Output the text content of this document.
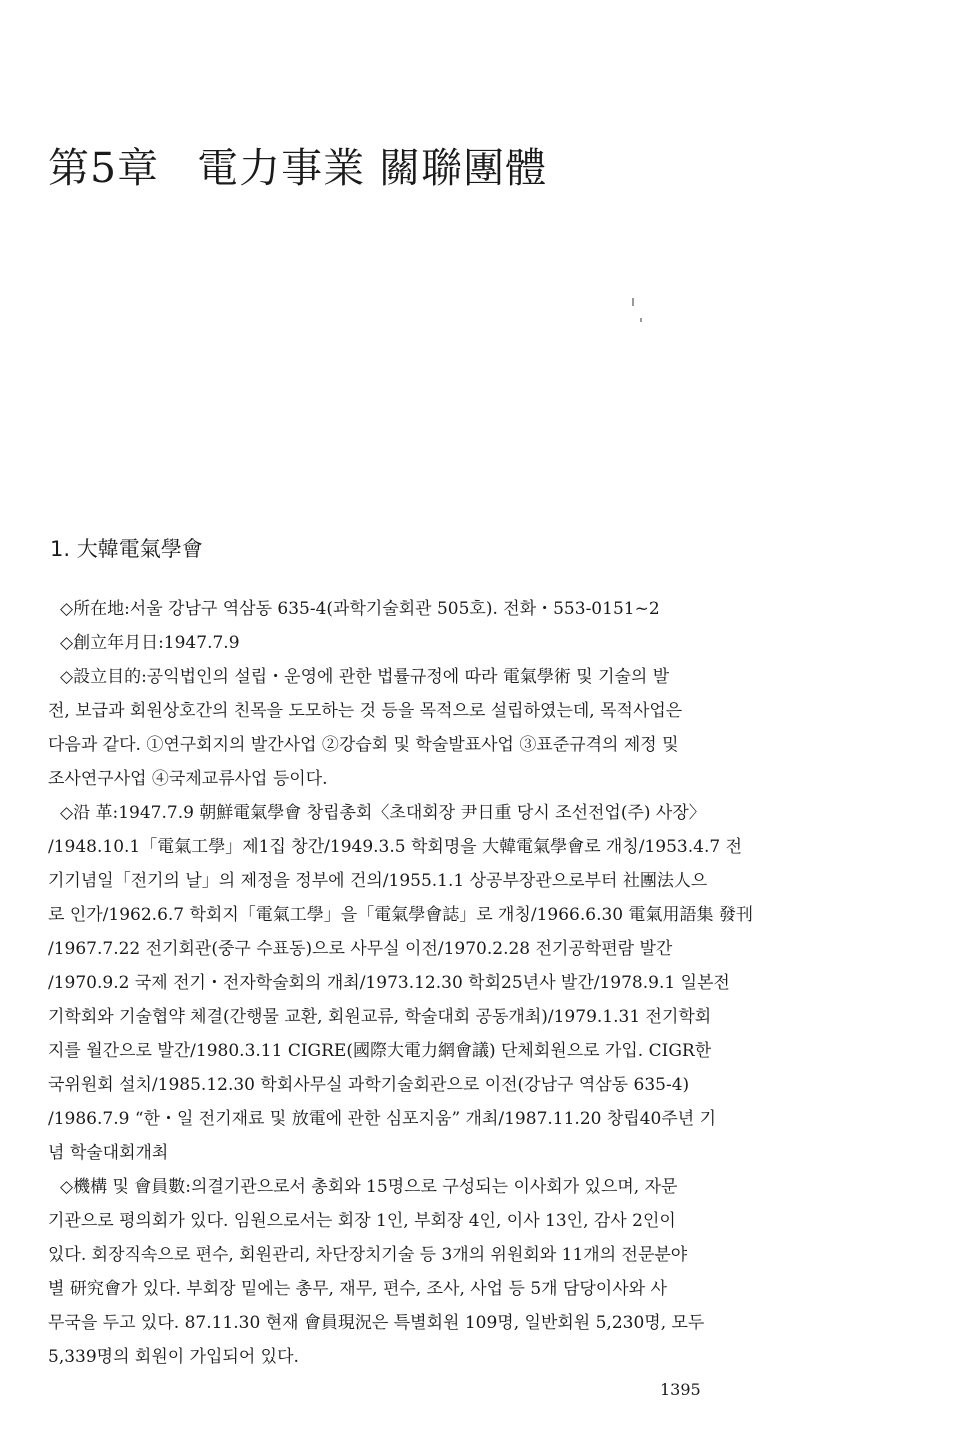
第5章 電力事業 關聯團體
1. 大韓電氣學會
◇所在地:서울 강남구 역삼동 635-4(과학기술회관 505호). 전화・553-0151~2
◇創立年月日:1947.7.9
◇設立目的:공익법인의 설립・운영에 관한 법률규정에 따라 電氣學術 및 기술의 발
전, 보급과 회원상호간의 친목을 도모하는 것 등을 목적으로 설립하였는데, 목적사업은
다음과 같다. ①연구회지의 발간사업 ②강습회 및 학술발표사업 ③표준규격의 제정 및
조사연구사업 ④국제교류사업 등이다.
◇沿 革:1947.7.9 朝鮮電氣學會 창립총회〈초대회장 尹日重 당시 조선전업(주) 사장〉
/1948.10.1「電氣工學」제1집 창간/1949.3.5 학회명을 大韓電氣學會로 개칭/1953.4.7 전
기기념일「전기의 날」의 제정을 정부에 건의/1955.1.1 상공부장관으로부터 社團法人으
로 인가/1962.6.7 학회지「電氣工學」을「電氣學會誌」로 개칭/1966.6.30 電氣用語集 發刊
/1967.7.22 전기회관(중구 수표동)으로 사무실 이전/1970.2.28 전기공학편람 발간
/1970.9.2 국제 전기・전자학술회의 개최/1973.12.30 학회25년사 발간/1978.9.1 일본전
기학회와 기술협약 체결(간행물 교환, 회원교류, 학술대회 공동개최)/1979.1.31 전기학회
지를 월간으로 발간/1980.3.11 CIGRE(國際大電力網會議) 단체회원으로 가입. CIGR한
국위원회 설치/1985.12.30 학회사무실 과학기술회관으로 이전(강남구 역삼동 635-4)
/1986.7.9 “한・일 전기재료 및 放電에 관한 심포지움” 개최/1987.11.20 창립40주년 기
념 학술대회개최
◇機構 및 會員數:의결기관으로서 총회와 15명으로 구성되는 이사회가 있으며, 자문
기관으로 평의회가 있다. 임원으로서는 회장 1인, 부회장 4인, 이사 13인, 감사 2인이
있다. 회장직속으로 편수, 회원관리, 차단장치기술 등 3개의 위원회와 11개의 전문분야
별 研究會가 있다. 부회장 밑에는 총무, 재무, 편수, 조사, 사업 등 5개 담당이사와 사
무국을 두고 있다. 87.11.30 현재 會員現況은 특별회원 109명, 일반회원 5,230명, 모두
5,339명의 회원이 가입되어 있다.
1395
